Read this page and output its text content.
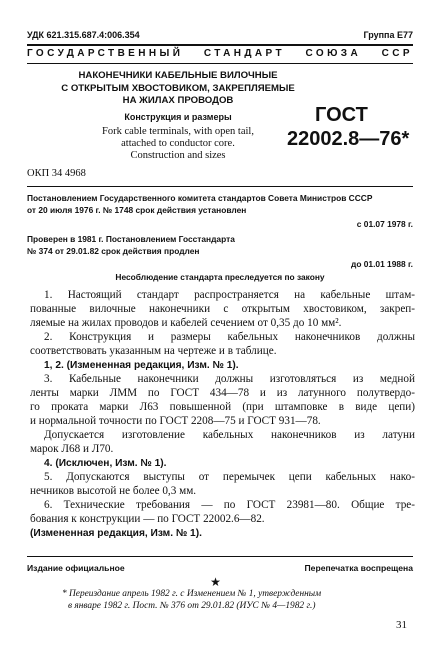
УДК 621.315.687.4:006.354	Группа Е77
ГОСУДАРСТВЕННЫЙ СТАНДАРТ СОЮЗА ССР
НАКОНЕЧНИКИ КАБЕЛЬНЫЕ ВИЛОЧНЫЕ
С ОТКРЫТЫМ ХВОСТОВИКОМ, ЗАКРЕПЛЯЕМЫЕ
НА ЖИЛАХ ПРОВОДОВ
Конструкция и размеры
Fork cable terminals, with open tail,
attached to conductor core.
Construction and sizes
ГОСТ
22002.8—76*
ОКП 34 4968
Постановлением Государственного комитета стандартов Совета Министров СССР
от 20 июля 1976 г. № 1748 срок действия установлен
с 01.07 1978 г.
Проверен в 1981 г. Постановлением Госстандарта
№ 374 от 29.01.82 срок действия продлен
до 01.01 1988 г.
Несоблюдение стандарта преследуется по закону
1. Настоящий стандарт распространяется на кабельные штам-
пованные вилочные наконечники с открытым хвостовиком, закреп-
ляемые на жилах проводов и кабелей сечением от 0,35 до 10 мм².
2. Конструкция и размеры кабельных наконечников должны
соответствовать указанным на чертеже и в таблице.
1, 2. (Измененная редакция, Изм. № 1).
3. Кабельные наконечники должны изготовляться из медной
ленты марки ЛММ по ГОСТ 434—78 и из латунного полутвердо-
го проката марки Л63 повышенной (при штамповке в виде цепи)
и нормальной точности по ГОСТ 2208—75 и ГОСТ 931—78.
Допускается изготовление кабельных наконечников из латуни
марок Л68 и Л70.
4. (Исключен, Изм. № 1).
5. Допускаются выступы от перемычек цепи кабельных нако-
нечников высотой не более 0,3 мм.
6. Технические требования — по ГОСТ 23981—80. Общие тре-
бования к конструкции — по ГОСТ 22002.6—82.
(Измененная редакция, Изм. № 1).
Издание официальное	Перепечатка воспрещена
★
* Переиздание апрель 1982 г. с Изменением № 1, утвержденным
в январе 1982 г. Пост. № 376 от 29.01.82 (ИУС № 4—1982 г.)
31
